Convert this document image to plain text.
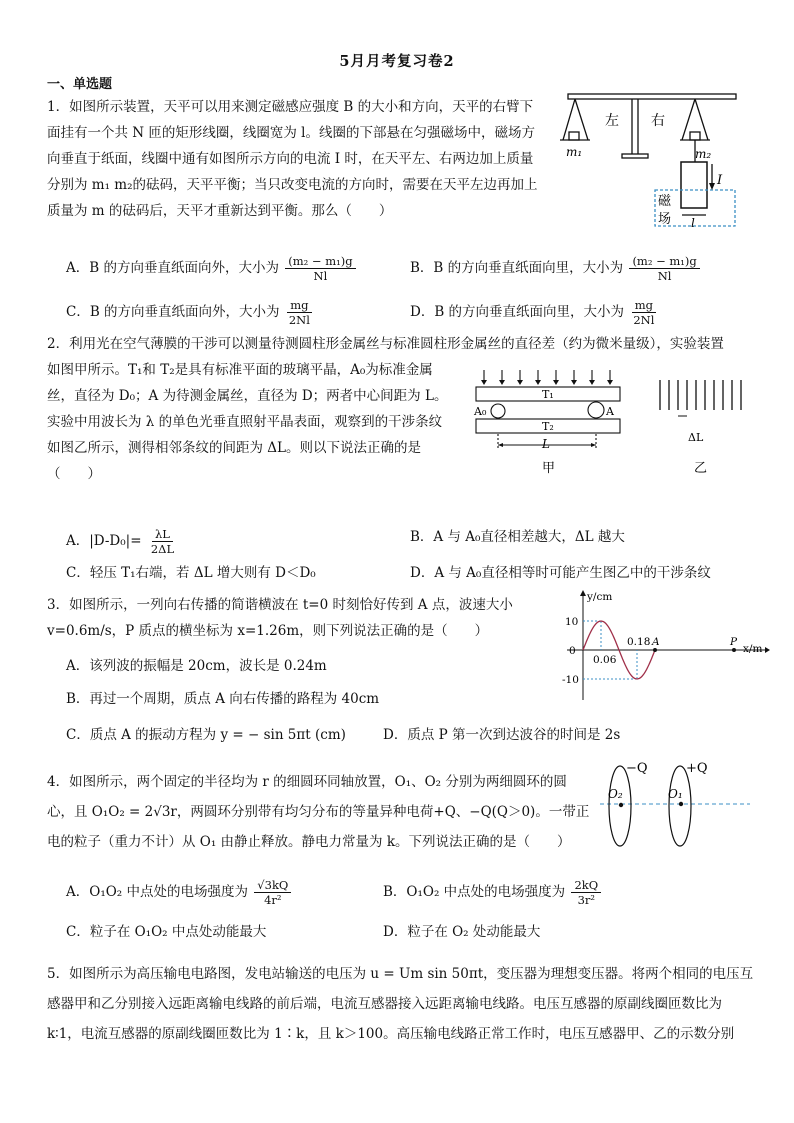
5月月考复习卷2
一、单选题
1．如图所示装置，天平可以用来测定磁感应强度 B 的大小和方向，天平的右臂下
面挂有一个共 N 匝的矩形线圈，线圈宽为 l。线圈的下部悬在匀强磁场中，磁场方
向垂直于纸面，线圈中通有如图所示方向的电流 I 时，在天平左、右两边加上质量
分别为 m₁ m₂的砝码，天平平衡；当只改变电流的方向时，需要在天平左边再加上
质量为 m 的砝码后，天平才重新达到平衡。那么（　　）
A．B 的方向垂直纸面向外，大小为 $\frac{\text{(m₂ − m₁)g}}{Nl}$	B．B 的方向垂直纸面向里，大小为 $\frac{\text{(m₂ − m₁)g}}{Nl}$
C．B 的方向垂直纸面向外，大小为 $\frac{mg}{2Nl}$	D．B 的方向垂直纸面向里，大小为 $\frac{mg}{2Nl}$
左 右
m₁	m₂
I
磁
场 l
2．利用光在空气薄膜的干涉可以测量待测圆柱形金属丝与标准圆柱形金属丝的直径差（约为微米量级），实验装置
如图甲所示。T₁和 T₂是具有标准平面的玻璃平晶，A₀为标准金属
丝，直径为 D₀；A 为待测金属丝，直径为 D；两者中心间距为 L。
实验中用波长为 λ 的单色光垂直照射平晶表面，观察到的干涉条纹
如图乙所示，测得相邻条纹的间距为 ΔL。则以下说法正确的是
（　　）
T₁
T₂
A₀	A
L
甲
ΔL
乙
A．$|D-D_0|= \frac{\lambda L}{2\Delta L}$	B．A 与 A₀直径相差越大，ΔL 越大
C．轻压 T₁右端，若 ΔL 增大则有 D＜D₀	D．A 与 A₀直径相等时可能产生图乙中的干涉条纹
3．如图所示，一列向右传播的简谐横波在 t=0 时刻恰好传到 A 点，波速大小
v=0.6m/s，P 质点的横坐标为 x=1.26m，则下列说法正确的是（　　）
A．该列波的振幅是 20cm，波长是 0.24m
B．再过一个周期，质点 A 向右传播的路程为 40cm
C．质点 A 的振动方程为 y = − sin 5πt (cm)	D．质点 P 第一次到达波谷的时间是 2s
y/cm
x/m
10
0
-10
0.06
0.18 A	P
4．如图所示，两个固定的半径均为 r 的细圆环同轴放置，O₁、O₂ 分别为两细圆环的圆
心，且 O₁O₂ = 2√3r，两圆环分别带有均匀分布的等量异种电荷+Q、−Q(Q＞0)。一带正
电的粒子（重力不计）从 O₁ 由静止释放。静电力常量为 k。下列说法正确的是（　　）
−Q	+Q
O₂	O₁
A．O₁O₂ 中点处的电场强度为 $\frac{√3kQ}{\text{4r²}}$	B．O₁O₂ 中点处的电场强度为 $\frac{2kQ}{\text{3r²}}$
C．粒子在 O₁O₂ 中点处动能最大	D．粒子在 O₂ 处动能最大
5．如图所示为高压输电电路图，发电站输送的电压为 u = Um sin 50πt，变压器为理想变压器。将两个相同的电压互
感器甲和乙分别接入远距离输电线路的前后端，电流互感器接入远距离输电线路。电压互感器的原副线圈匝数比为
k∶1，电流互感器的原副线圈匝数比为 1∶k，且 k＞100。高压输电线路正常工作时，电压互感器甲、乙的示数分别
